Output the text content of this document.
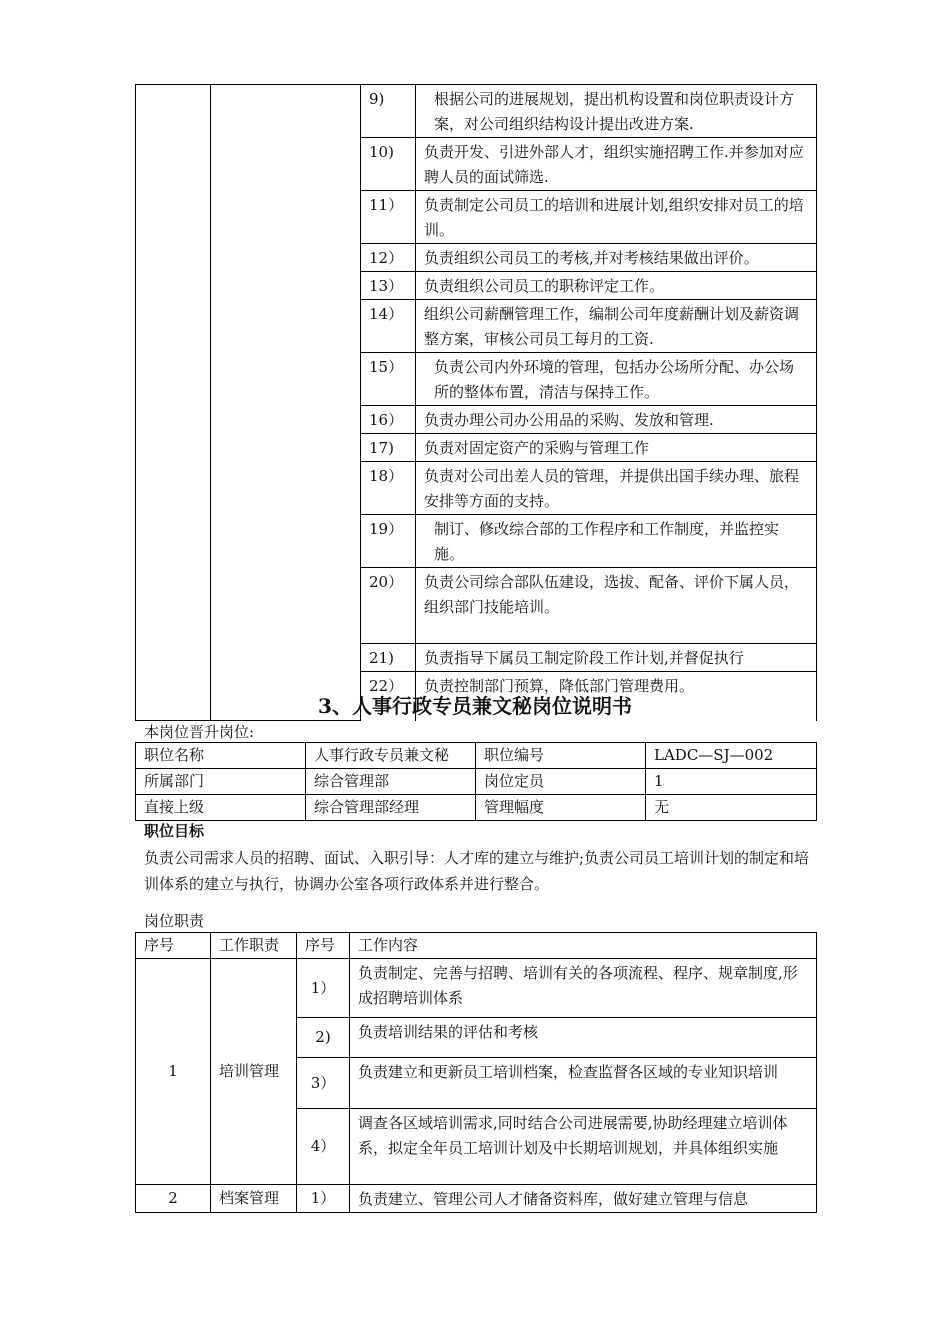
		9)	根据公司的进展规划，提出机构设置和岗位职责设计方案，对公司组织结构设计提出改进方案.
		10)	负责开发、引进外部人才，组织实施招聘工作.并参加对应聘人员的面试筛选.
		11）	负责制定公司员工的培训和进展计划,组织安排对员工的培训。
		12）	负责组织公司员工的考核,并对考核结果做出评价。
		13）	负责组织公司员工的职称评定工作。
		14）	组织公司薪酬管理工作，编制公司年度薪酬计划及薪资调整方案，审核公司员工每月的工资.
		15）	负责公司内外环境的管理，包括办公场所分配、办公场所的整体布置，清洁与保持工作。
		16）	负责办理公司办公用品的采购、发放和管理.
		17)	负责对固定资产的采购与管理工作
		18）	负责对公司出差人员的管理，并提供出国手续办理、旅程安排等方面的支持。
		19）	制订、修改综合部的工作程序和工作制度，并监控实施。
		20）	负责公司综合部队伍建设，选拔、配备、评价下属人员，组织部门技能培训。
		21)	负责指导下属员工制定阶段工作计划,并督促执行
		22）	负责控制部门预算，降低部门管理费用。
3、人事行政专员兼文秘岗位说明书
本岗位晋升岗位:
职位名称	人事行政专员兼文秘	职位编号	LADC—SJ—002
所属部门	综合管理部	岗位定员	1
直接上级	综合管理部经理	管理幅度	无
职位目标
负责公司需求人员的招聘、面试、入职引导：人才库的建立与维护;负责公司员工培训计划的制定和培训体系的建立与执行，协调办公室各项行政体系并进行整合。
岗位职责
序号	工作职责	序号	工作内容
1	培训管理	1）	负责制定、完善与招聘、培训有关的各项流程、程序、规章制度,形成招聘培训体系
		2)	负责培训结果的评估和考核
		3）	负责建立和更新员工培训档案，检查监督各区域的专业知识培训
		4）	调查各区域培训需求,同时结合公司进展需要,协助经理建立培训体系，拟定全年员工培训计划及中长期培训规划，并具体组织实施
2	档案管理	1）	负责建立、管理公司人才储备资料库，做好建立管理与信息
